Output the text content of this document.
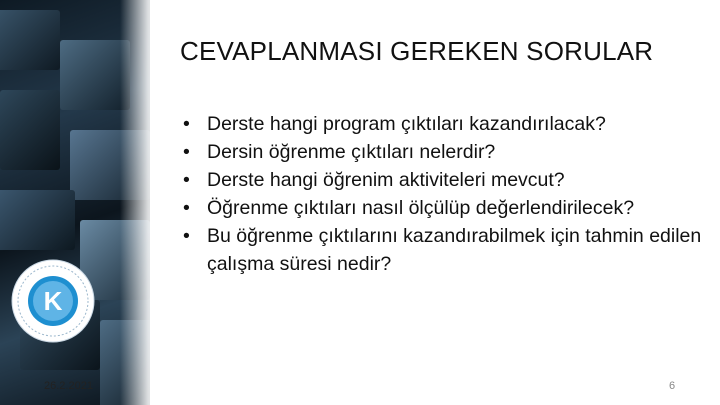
K
CEVAPLANMASI GEREKEN SORULAR
• Derste hangi program çıktıları kazandırılacak?
• Dersin öğrenme çıktıları nelerdir?
• Derste hangi öğrenim aktiviteleri mevcut?
• Öğrenme çıktıları nasıl ölçülüp değerlendirilecek?
• Bu öğrenme çıktılarını kazandırabilmek için tahmin edilen çalışma süresi nedir?
26.2.2021	6
